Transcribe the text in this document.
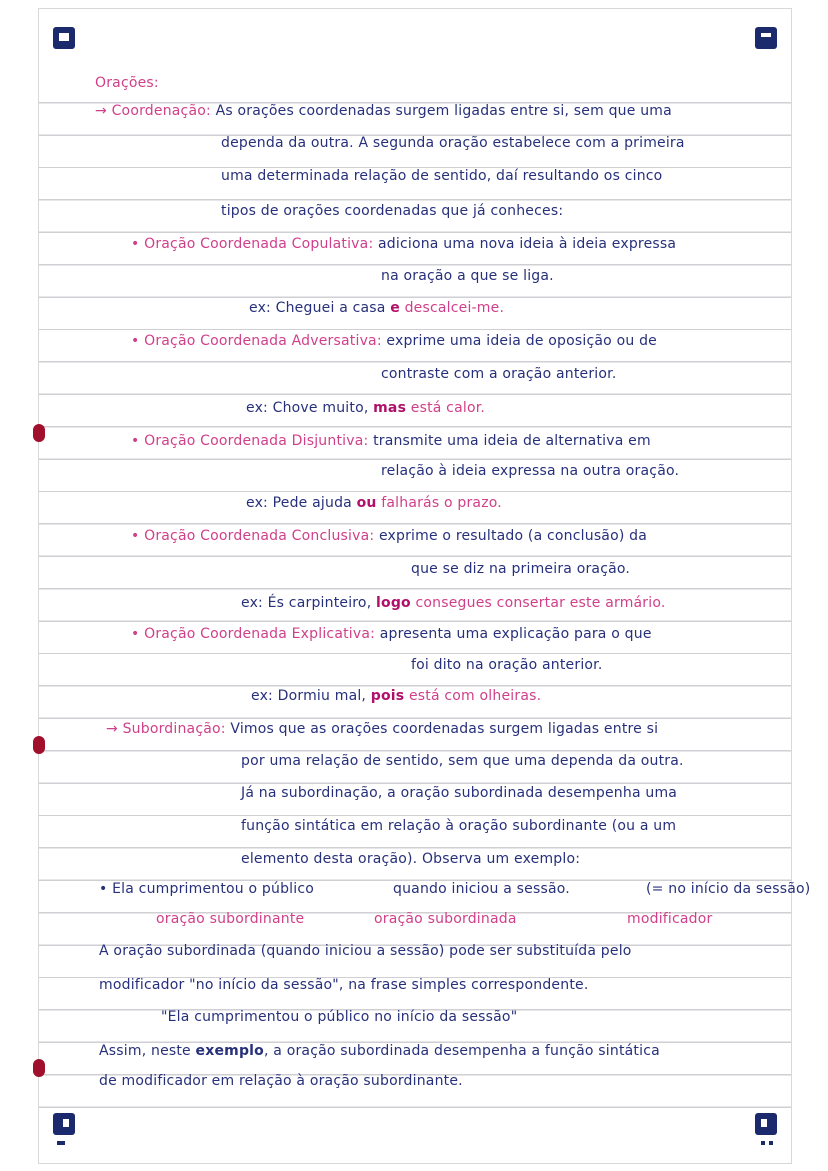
Orações:
→ Coordenação: As orações coordenadas surgem ligadas entre si, sem que uma
dependa da outra. A segunda oração estabelece com a primeira
uma determinada relação de sentido, daí resultando os cinco
tipos de orações coordenadas que já conheces:
• Oração Coordenada Copulativa: adiciona uma nova ideia à ideia expressa
na oração a que se liga.
ex: Cheguei a casa e descalcei-me.
• Oração Coordenada Adversativa: exprime uma ideia de oposição ou de
contraste com a oração anterior.
ex: Chove muito, mas está calor.
• Oração Coordenada Disjuntiva: transmite uma ideia de alternativa em
relação à ideia expressa na outra oração.
ex: Pede ajuda ou falharás o prazo.
• Oração Coordenada Conclusiva: exprime o resultado (a conclusão) da
que se diz na primeira oração.
ex: És carpinteiro, logo consegues consertar este armário.
• Oração Coordenada Explicativa: apresenta uma explicação para o que
foi dito na oração anterior.
ex: Dormiu mal, pois está com olheiras.
→ Subordinação: Vimos que as orações coordenadas surgem ligadas entre si
por uma relação de sentido, sem que uma dependa da outra.
Já na subordinação, a oração subordinada desempenha uma
função sintática em relação à oração subordinante (ou a um
elemento desta oração). Observa um exemplo:
• Ela cumprimentou o público	quando iniciou a sessão.	(= no início da sessão)
oração subordinante	oração subordinada	modificador
A oração subordinada (quando iniciou a sessão) pode ser substituída pelo
modificador "no início da sessão", na frase simples correspondente.
"Ela cumprimentou o público no início da sessão"
Assim, neste exemplo, a oração subordinada desempenha a função sintática
de modificador em relação à oração subordinante.
